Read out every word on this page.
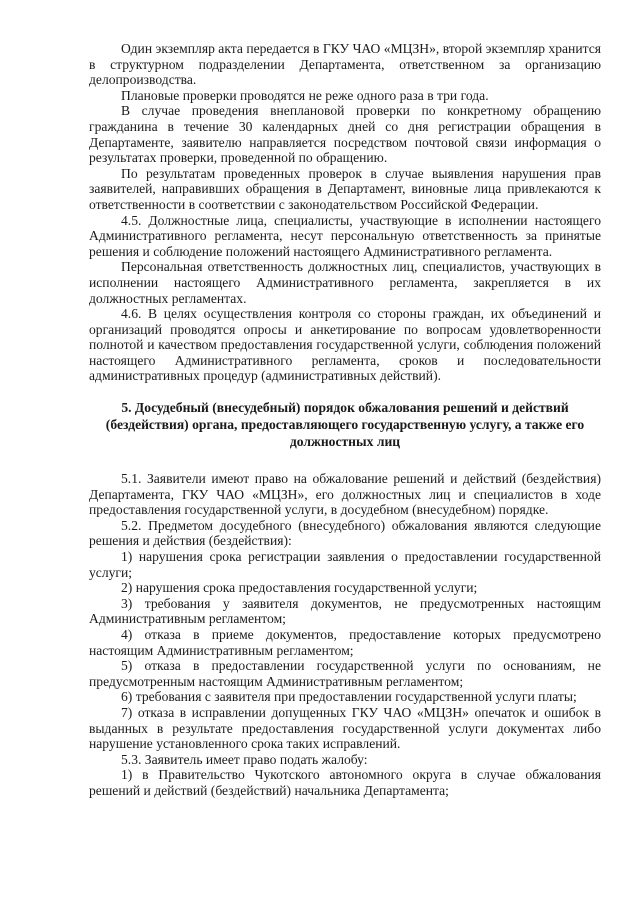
Один экземпляр акта передается в ГКУ ЧАО «МЦЗН», второй экземпляр хранится в структурном подразделении Департамента, ответственном за организацию делопроизводства.

Плановые проверки проводятся не реже одного раза в три года.

В случае проведения внеплановой проверки по конкретному обращению гражданина в течение 30 календарных дней со дня регистрации обращения в Департаменте, заявителю направляется посредством почтовой связи информация о результатах проверки, проведенной по обращению.

По результатам проведенных проверок в случае выявления нарушения прав заявителей, направивших обращения в Департамент, виновные лица привлекаются к ответственности в соответствии с законодательством Российской Федерации.

4.5. Должностные лица, специалисты, участвующие в исполнении настоящего Административного регламента, несут персональную ответственность за принятые решения и соблюдение положений настоящего Административного регламента.

Персональная ответственность должностных лиц, специалистов, участвующих в исполнении настоящего Административного регламента, закрепляется в их должностных регламентах.

4.6. В целях осуществления контроля со стороны граждан, их объединений и организаций проводятся опросы и анкетирование по вопросам удовлетворенности полнотой и качеством предоставления государственной услуги, соблюдения положений настоящего Административного регламента, сроков и последовательности административных процедур (административных действий).

5. Досудебный (внесудебный) порядок обжалования решений и действий
(бездействия) органа, предоставляющего государственную услугу, а также его
должностных лиц

5.1. Заявители имеют право на обжалование решений и действий (бездействия) Департамента, ГКУ ЧАО «МЦЗН», его должностных лиц и специалистов в ходе предоставления государственной услуги, в досудебном (внесудебном) порядке.

5.2. Предметом досудебного (внесудебного) обжалования являются следующие решения и действия (бездействия):

1) нарушения срока регистрации заявления о предоставлении государственной услуги;

2) нарушения срока предоставления государственной услуги;

3) требования у заявителя документов, не предусмотренных настоящим Административным регламентом;

4) отказа в приеме документов, предоставление которых предусмотрено настоящим Административным регламентом;

5) отказа в предоставлении государственной услуги по основаниям, не предусмотренным настоящим Административным регламентом;

6) требования с заявителя при предоставлении государственной услуги платы;

7) отказа в исправлении допущенных ГКУ ЧАО «МЦЗН» опечаток и ошибок в выданных в результате предоставления государственной услуги документах либо нарушение установленного срока таких исправлений.

5.3. Заявитель имеет право подать жалобу:

1) в Правительство Чукотского автономного округа в случае обжалования решений и действий (бездействий) начальника Департамента;
